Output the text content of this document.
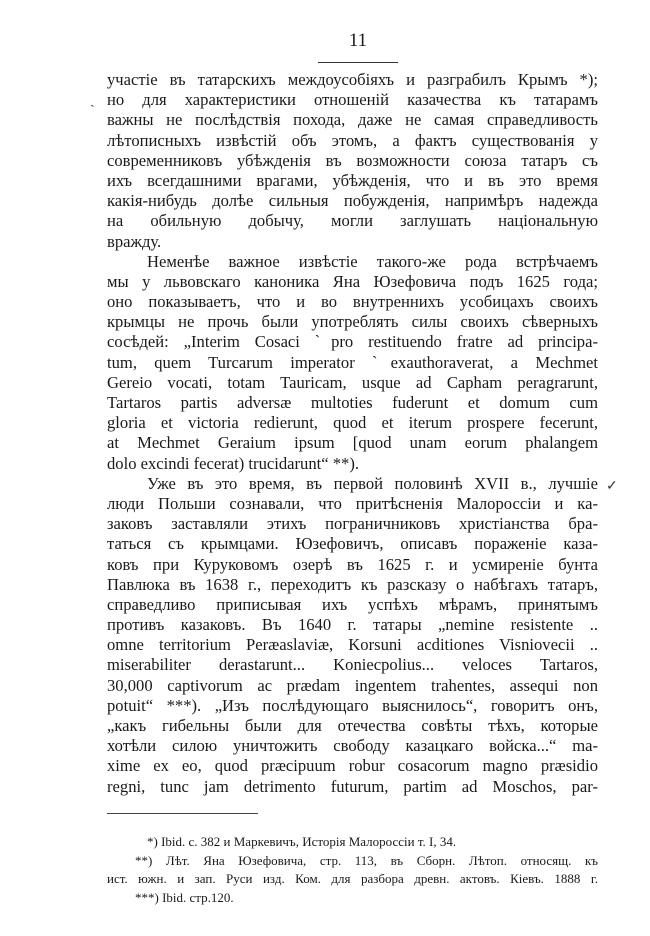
11
ˏ
✓
участіе въ татарскихъ междоусобіяхъ и разграбилъ Крымъ *);
но для характеристики отношеній казачества къ татарамъ
важны не послѣдствія похода, даже не самая справедливость
лѣтописныхъ извѣстій объ этомъ, а фактъ существованія у
современниковъ убѣжденія въ возможности союза татаръ съ
ихъ всегдашними врагами, убѣжденія, что и въ это время
какія-нибудь долѣе сильныя побужденія, напримѣръ надежда
на обильную добычу, могли заглушать національную
вражду.
Неменѣе важное извѣстіе такого-же рода встрѣчаемъ
мы у львовскаго каноника Яна Юзефовича подъ 1625 года;
оно показываетъ, что и во внутреннихъ усобицахъ своихъ
крымцы не прочь были употреблять силы своихъ сѣверныхъ
сосѣдей: „Interim Cosaci ˋpro restituendo fratre ad principa-
tum, quem Turcarum imperator ˋexauthoraverat, a Mechmet
Gereio vocati, totam Tauricam, usque ad Capham peragrarunt,
Tartaros partis adversæ multoties fuderunt et domum cum
gloria et victoria redierunt, quod et iterum prospere fecerunt,
at Mechmet Geraium ipsum [quod unam eorum phalangem
dolo excindi fecerat) trucidarunt“ **).
Уже въ это время, въ первой половинѣ XVII в., лучшіе
люди Польши сознавали, что притѣсненія Малороссіи и ка-
заковъ заставляли этихъ пограничниковъ христіанства бра-
таться съ крымцами. Юзефовичъ, описавъ пораженіе каза-
ковъ при Куруковомъ озерѣ въ 1625 г. и усмиреніе бунта
Павлюка въ 1638 г., переходитъ къ разсказу о набѣгахъ татаръ,
справедливо приписывая ихъ успѣхъ мѣрамъ, принятымъ
противъ казаковъ. Въ 1640 г. татары „nemine resistente ..
omne territorium Peræaslaviæ, Korsuni acditiones Visniovecii ..
miserabiliter derastarunt... Koniecpolius... veloces Tartaros,
30,000 captivorum ac prædam ingentem trahentes, assequi non
potuit“ ***). „Изъ послѣдующаго выяснилось“, говоритъ онъ,
„какъ гибельны были для отечества совѣты тѣхъ, которые
хотѣли силою уничтожить свободу казацкаго войска...“ ma-
xime ex eo, quod præcipuum robur cosacorum magno præsidio
regni, tunc jam detrimento futurum, partim ad Moschos, par-
*) Ibid. с. 382 и Маркевичъ, Исторія Малороссіи т. I, 34.
**) Лѣт. Яна Юзефовича, стр. 113, въ Сборн. Лѣтоп. относящ. къ
ист. южн. и зап. Руси изд. Ком. для разбора древн. актовъ. Кіевъ. 1888 г.
***) Ibid. стр.120.
